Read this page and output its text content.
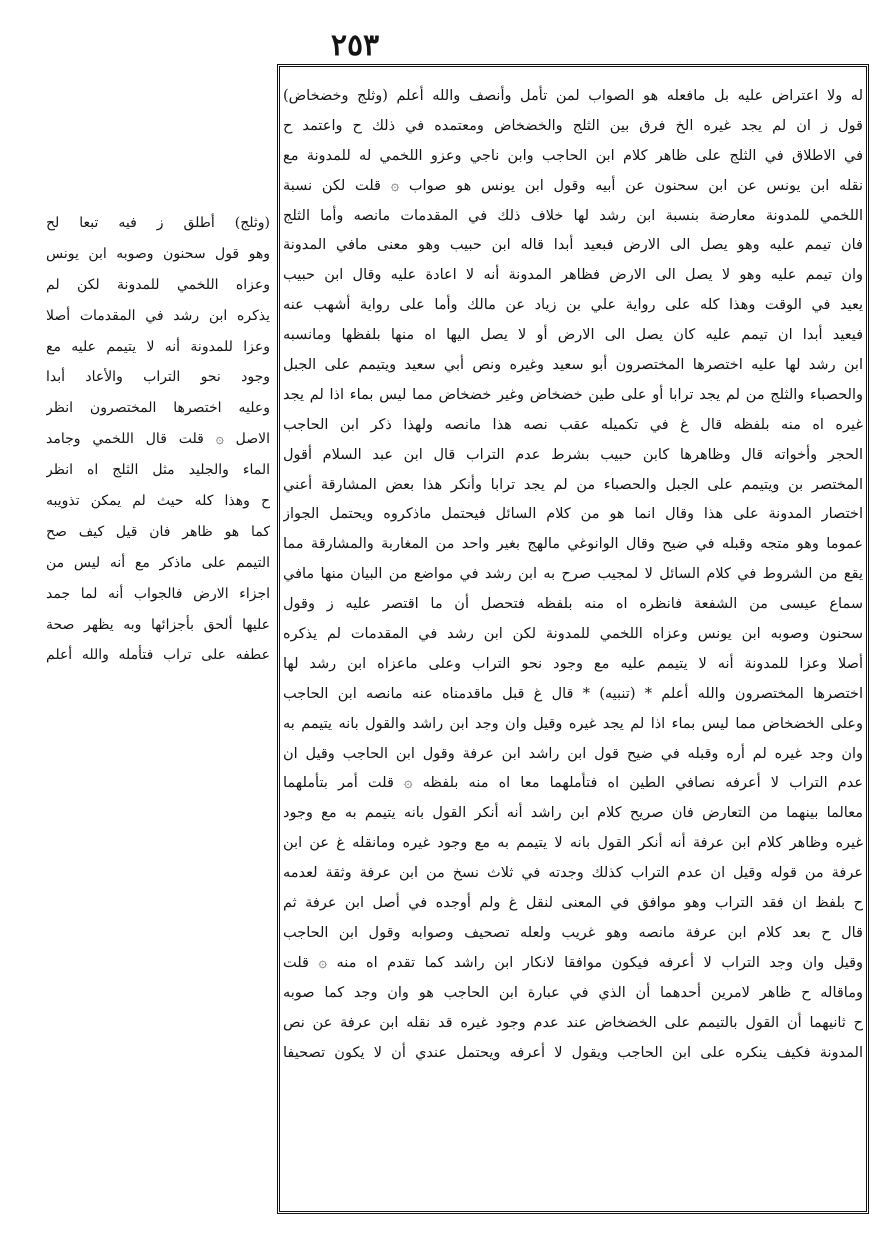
٢٥٣
له ولا اعتراض عليه بل مافعله هو الصواب لمن تأمل وأنصف والله أعلم (وثلج وخضخاض)
قول ز ان لم يجد غيره الخ فرق بين الثلج والخضخاض ومعتمده في ذلك ح واعتمد ح
في الاطلاق في الثلج على ظاهر كلام ابن الحاجب وابن ناجي وعزو اللخمي له للمدونة مع
نقله ابن يونس عن ابن سحنون عن أبيه وقول ابن يونس هو صواب ۞ قلت لكن نسبة
اللخمي للمدونة معارضة بنسبة ابن رشد لها خلاف ذلك في المقدمات مانصه وأما الثلج
فان تيمم عليه وهو يصل الى الارض فبعيد أبدا قاله ابن حبيب وهو معنى مافي المدونة
وان تيمم عليه وهو لا يصل الى الارض فظاهر المدونة أنه لا اعادة عليه وقال ابن حبيب
يعيد في الوقت وهذا كله على رواية علي بن زياد عن مالك وأما على رواية أشهب عنه
فيعيد أبدا ان تيمم عليه كان يصل الى الارض أو لا يصل اليها اه منها بلفظها ومانسبه
ابن رشد لها عليه اختصرها المختصرون أبو سعيد وغيره ونص أبي سعيد ويتيمم على الجبل
والحصباء والثلج من لم يجد ترابا أو على طين خضخاض وغير خضخاض مما ليس بماء اذا لم يجد
غيره اه منه بلفظه قال غ في تكميله عقب نصه هذا مانصه ولهذا ذكر ابن الحاجب
الحجر وأخواته قال وظاهرها كابن حبيب بشرط عدم التراب قال ابن عبد السلام أقول
المختصر بن ويتيمم على الجبل والحصباء من لم يجد ترابا وأنكر هذا بعض المشارقة أعني
اختصار المدونة على هذا وقال انما هو من كلام السائل فيحتمل ماذكروه ويحتمل الجواز
عموما وهو متجه وقبله في ضيح وقال الوانوغي مالهج بغير واحد من المغاربة والمشارقة مما
يقع من الشروط في كلام السائل لا لمجيب صرح به ابن رشد في مواضع من البيان منها مافي
سماع عيسى من الشفعة فانظره اه منه بلفظه فتحصل أن ما اقتصر عليه ز وقول
سحنون وصوبه ابن يونس وعزاه اللخمي للمدونة لكن ابن رشد في المقدمات لم يذكره
أصلا وعزا للمدونة أنه لا يتيمم عليه مع وجود نحو التراب وعلى ماعزاه ابن رشد لها
اختصرها المختصرون والله أعلم * (تنبيه) * قال غ قبل ماقدمناه عنه مانصه ابن الحاجب
وعلى الخضخاض مما ليس بماء اذا لم يجد غيره وقيل وان وجد ابن راشد والقول بانه يتيمم به
وان وجد غيره لم أره وقبله في ضيح قول ابن راشد ابن عرفة وقول ابن الحاجب وقيل ان
عدم التراب لا أعرفه نصافي الطين اه فتأملهما معا اه منه بلفظه ۞ قلت أمر بتأملهما
معالما بينهما من التعارض فان صريح كلام ابن راشد أنه أنكر القول بانه يتيمم به مع وجود
غيره وظاهر كلام ابن عرفة أنه أنكر القول بانه لا يتيمم به مع وجود غيره ومانقله غ عن ابن
عرفة من قوله وقيل ان عدم التراب كذلك وجدته في ثلاث نسخ من ابن عرفة وثقة لعدمه
ح بلفظ ان فقد التراب وهو موافق في المعنى لنقل غ ولم أوجده في أصل ابن عرفة ثم
قال ح بعد كلام ابن عرفة مانصه وهو غريب ولعله تصحيف وصوابه وقول ابن الحاجب
وقيل وان وجد التراب لا أعرفه فيكون موافقا لانكار ابن راشد كما تقدم اه منه ۞ قلت
وماقاله ح ظاهر لامرين أحدهما أن الذي في عبارة ابن الحاجب هو وان وجد كما صوبه
ح ثانيهما أن القول بالتيمم على الخضخاض عند عدم وجود غيره قد نقله ابن عرفة عن نص
المدونة فكيف ينكره على ابن الحاجب ويقول لا أعرفه ويحتمل عندي أن لا يكون تصحيفا
(وثلج) أطلق ز فيه تبعا لح
وهو قول سحنون وصوبه ابن يونس
وعزاه اللخمي للمدونة لكن لم
يذكره ابن رشد في المقدمات أصلا
وعزا للمدونة أنه لا يتيمم عليه مع
وجود نحو التراب والأعاد أبدا
وعليه اختصرها المختصرون انظر
الاصل ۞ قلت قال اللخمي وجامد
الماء والجليد مثل الثلج اه انظر
ح وهذا كله حيث لم يمكن تذويبه
كما هو ظاهر فان قيل كيف صح
التيمم على ماذكر مع أنه ليس من
اجزاء الارض فالجواب أنه لما جمد
عليها ألحق بأجزائها وبه يظهر صحة
عطفه على تراب فتأمله والله أعلم
